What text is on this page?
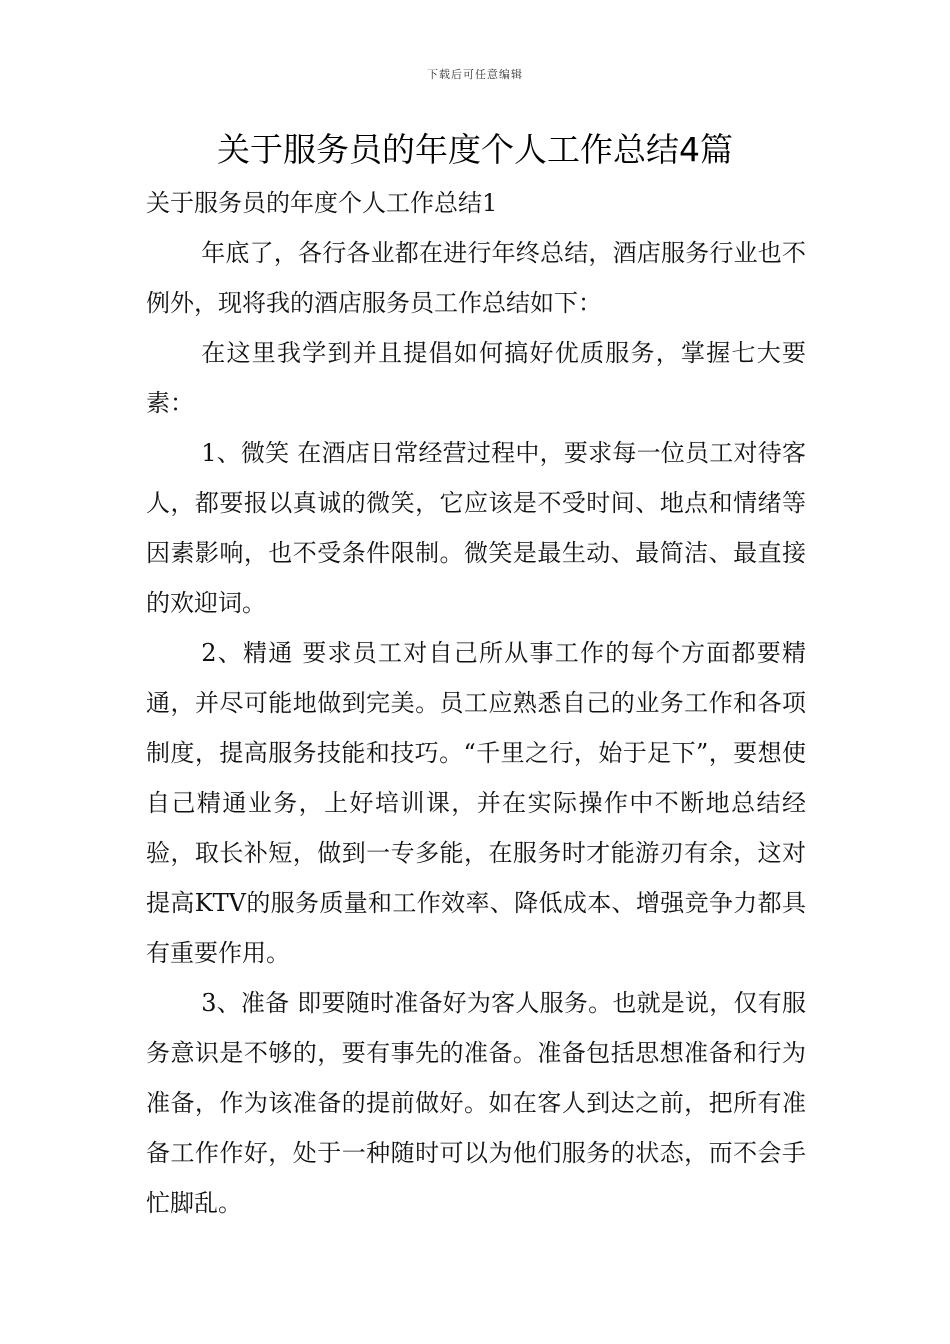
下载后可任意编辑
关于服务员的年度个人工作总结4篇

关于服务员的年度个人工作总结1

年底了，各行各业都在进行年终总结，酒店服务行业也不例外，现将我的酒店服务员工作总结如下：

在这里我学到并且提倡如何搞好优质服务，掌握七大要素：

1、微笑 在酒店日常经营过程中，要求每一位员工对待客人，都要报以真诚的微笑，它应该是不受时间、地点和情绪等因素影响，也不受条件限制。微笑是最生动、最简洁、最直接的欢迎词。

2、精通 要求员工对自己所从事工作的每个方面都要精通，并尽可能地做到完美。员工应熟悉自己的业务工作和各项制度，提高服务技能和技巧。“千里之行，始于足下”，要想使自己精通业务，上好培训课，并在实际操作中不断地总结经验，取长补短，做到一专多能，在服务时才能游刃有余，这对提高KTV的服务质量和工作效率、降低成本、增强竞争力都具有重要作用。

3、准备 即要随时准备好为客人服务。也就是说，仅有服务意识是不够的，要有事先的准备。准备包括思想准备和行为准备，作为该准备的提前做好。如在客人到达之前，把所有准备工作作好，处于一种随时可以为他们服务的状态，而不会手忙脚乱。
